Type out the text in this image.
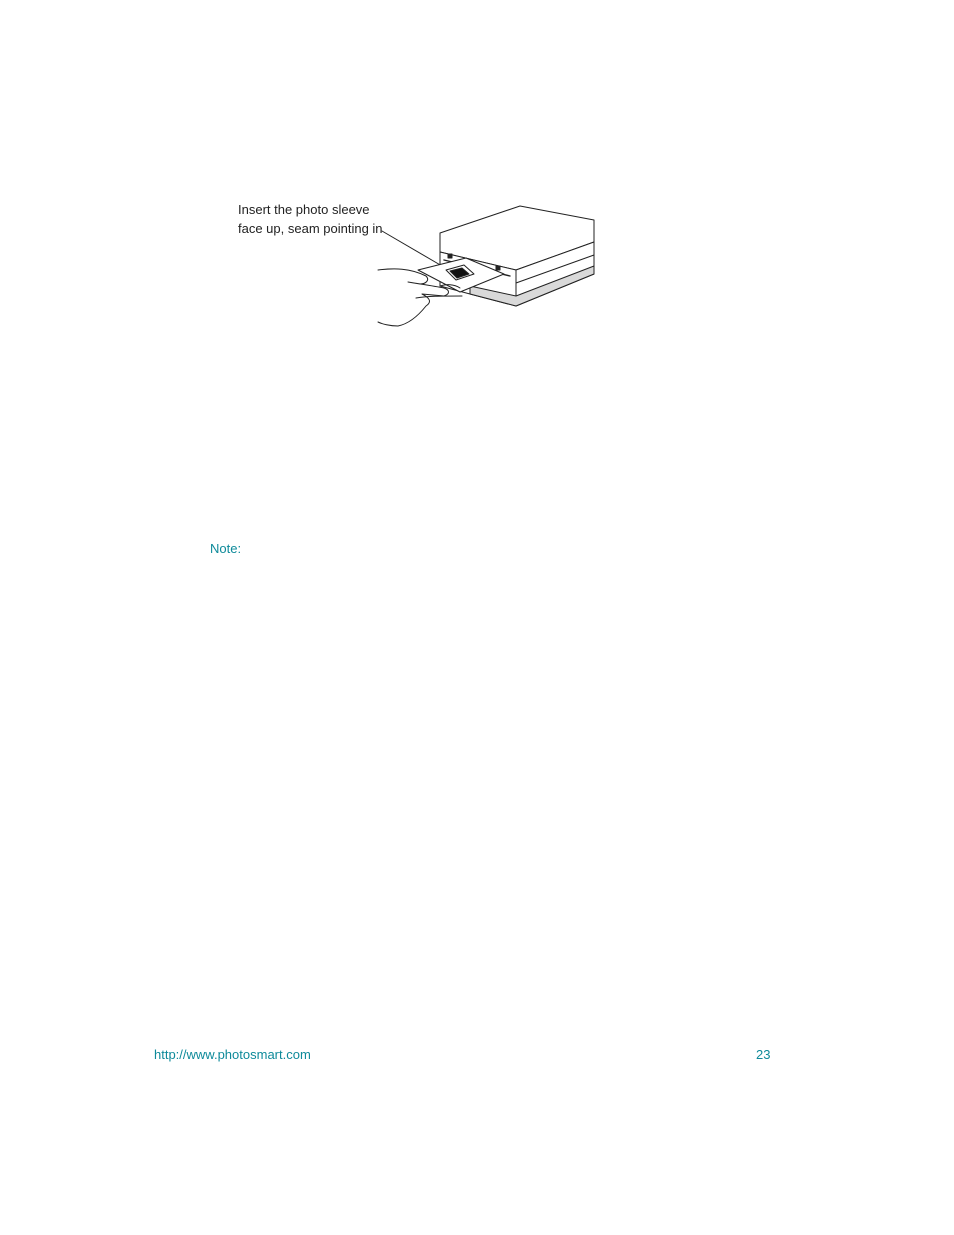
Insert the photo sleeve
face up, seam pointing in
Note:
http://www.photosmart.com	23
